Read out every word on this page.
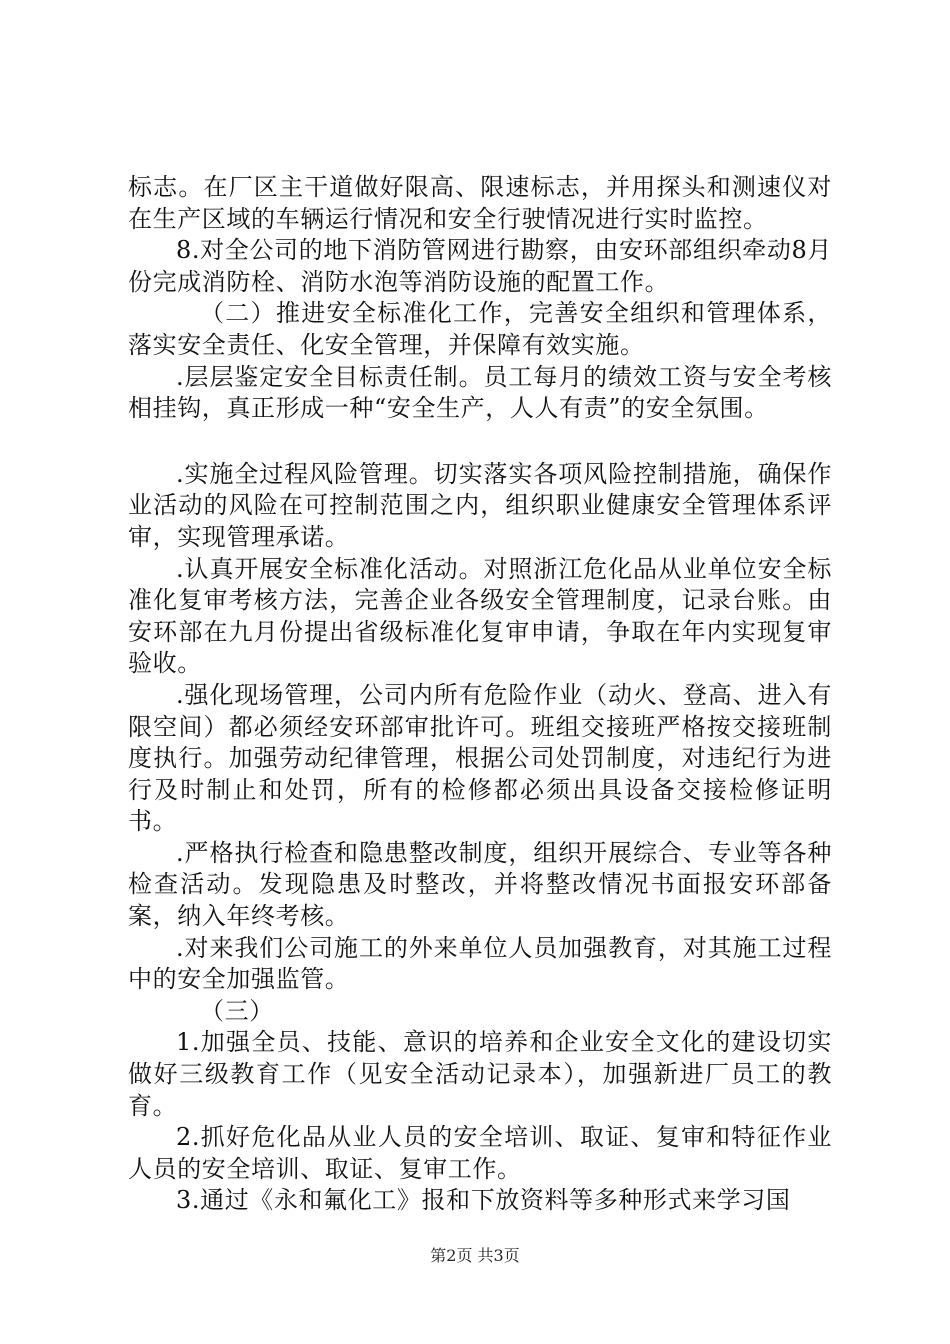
标志。在厂区主干道做好限高、限速标志，并用探头和测速仪对在生产区域的车辆运行情况和安全行驶情况进行实时监控。

8.对全公司的地下消防管网进行勘察，由安环部组织牵动8月份完成消防栓、消防水泡等消防设施的配置工作。

（二）推进安全标准化工作，完善安全组织和管理体系，落实安全责任、化安全管理，并保障有效实施。

.层层鉴定安全目标责任制。员工每月的绩效工资与安全考核相挂钩，真正形成一种“安全生产，人人有责”的安全氛围。

.实施全过程风险管理。切实落实各项风险控制措施，确保作业活动的风险在可控制范围之内，组织职业健康安全管理体系评审，实现管理承诺。

.认真开展安全标准化活动。对照浙江危化品从业单位安全标准化复审考核方法，完善企业各级安全管理制度，记录台账。由安环部在九月份提出省级标准化复审申请，争取在年内实现复审验收。

.强化现场管理，公司内所有危险作业（动火、登高、进入有限空间）都必须经安环部审批许可。班组交接班严格按交接班制度执行。加强劳动纪律管理，根据公司处罚制度，对违纪行为进行及时制止和处罚，所有的检修都必须出具设备交接检修证明书。

.严格执行检查和隐患整改制度，组织开展综合、专业等各种检查活动。发现隐患及时整改，并将整改情况书面报安环部备案，纳入年终考核。

.对来我们公司施工的外来单位人员加强教育，对其施工过程中的安全加强监管。

（三）

1.加强全员、技能、意识的培养和企业安全文化的建设切实做好三级教育工作（见安全活动记录本），加强新进厂员工的教育。

2.抓好危化品从业人员的安全培训、取证、复审和特征作业人员的安全培训、取证、复审工作。

3.通过《永和氟化工》报和下放资料等多种形式来学习国

第2页 共3页
